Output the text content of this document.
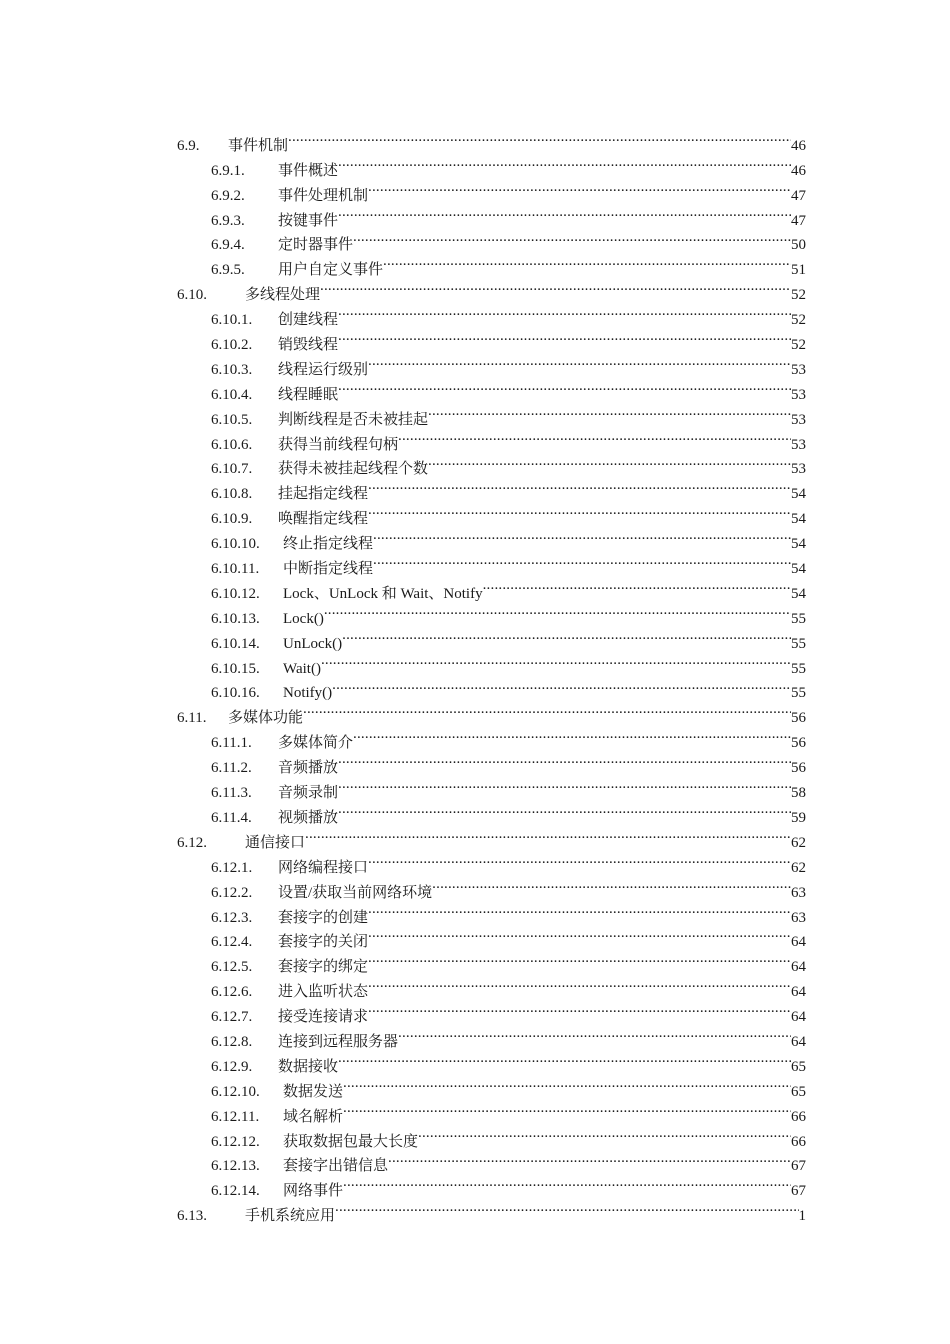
6.9.	事件机制 .....	46
6.9.1.	事件概述 .....	46
6.9.2.	事件处理机制 .....	47
6.9.3.	按键事件 .....	47
6.9.4.	定时器事件 .....	50
6.9.5.	用户自定义事件 .....	51
6.10.	多线程处理 .....	52
6.10.1.	创建线程 .....	52
6.10.2.	销毁线程 .....	52
6.10.3.	线程运行级别 .....	53
6.10.4.	线程睡眠 .....	53
6.10.5.	判断线程是否未被挂起 .....	53
6.10.6.	获得当前线程句柄 .....	53
6.10.7.	获得未被挂起线程个数 .....	53
6.10.8.	挂起指定线程 .....	54
6.10.9.	唤醒指定线程 .....	54
6.10.10.	终止指定线程 .....	54
6.10.11.	中断指定线程 .....	54
6.10.12.	Lock、UnLock 和 Wait、Notify .....	54
6.10.13.	Lock() .....	55
6.10.14.	UnLock() .....	55
6.10.15.	Wait() .....	55
6.10.16.	Notify() .....	55
6.11.	多媒体功能 .....	56
6.11.1.	多媒体简介 .....	56
6.11.2.	音频播放 .....	56
6.11.3.	音频录制 .....	58
6.11.4.	视频播放 .....	59
6.12.	通信接口 .....	62
6.12.1.	网络编程接口 .....	62
6.12.2.	设置/获取当前网络环境 .....	63
6.12.3.	套接字的创建 .....	63
6.12.4.	套接字的关闭 .....	64
6.12.5.	套接字的绑定 .....	64
6.12.6.	进入监听状态 .....	64
6.12.7.	接受连接请求 .....	64
6.12.8.	连接到远程服务器 .....	64
6.12.9.	数据接收 .....	65
6.12.10.	数据发送 .....	65
6.12.11.	域名解析 .....	66
6.12.12.	获取数据包最大长度 .....	66
6.12.13.	套接字出错信息 .....	67
6.12.14.	网络事件 .....	67
6.13.	手机系统应用 .....	1
